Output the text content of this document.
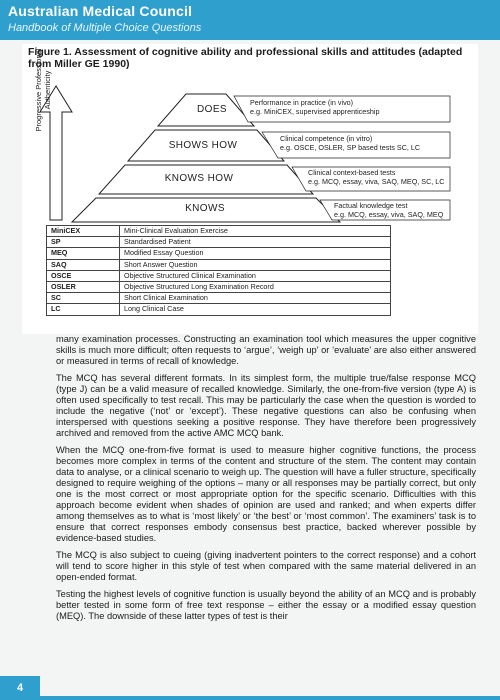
Australian Medical Council
Handbook of Multiple Choice Questions
Figure 1. Assessment of cognitive ability and professional skills and attitudes (adapted from Miller GE 1990)
Progressive Professional Authenticity
DOES
SHOWS HOW
KNOWS HOW
KNOWS
Performance in practice (in vivo)
e.g. MiniCEX, supervised apprenticeship
Clinical competence (in vitro)
e.g. OSCE, OSLER, SP based tests SC, LC
Clinical context-based tests
e.g. MCQ, essay, viva, SAQ, MEQ, SC, LC
Factual knowledge test
e.g. MCQ, essay, viva, SAQ, MEQ
MiniCEX	Mini-Clinical Evaluation Exercise
SP	Standardised Patient
MEQ	Modified Essay Question
SAQ	Short Answer Question
OSCE	Objective Structured Clinical Examination
OSLER	Objective Structured Long Examination Record
SC	Short Clinical Examination
LC	Long Clinical Case

many examination processes. Constructing an examination tool which measures the upper cognitive skills is much more difficult; often requests to ‘argue’, ‘weigh up’ or ‘evaluate’ are also either answered or measured in terms of recall of knowledge.

The MCQ has several different formats. In its simplest form, the multiple true/false response MCQ (type J) can be a valid measure of recalled knowledge. Similarly, the one-from-five version (type A) is often used specifically to test recall. This may be particularly the case when the question is worded to include the negative (‘not’ or ‘except’). These negative questions can also be confusing when interspersed with questions seeking a positive response. They have therefore been progressively archived and removed from the active AMC MCQ bank.

When the MCQ one-from-five format is used to measure higher cognitive functions, the process becomes more complex in terms of the content and structure of the stem. The content may contain data to analyse, or a clinical scenario to weigh up. The question will have a fuller structure, specifically designed to require weighing of the options – many or all responses may be partially correct, but only one is the most correct or most appropriate option for the specific scenario. Difficulties with this approach become evident when shades of opinion are used and ranked; and when experts differ among themselves as to what is ‘most likely’ or ‘the best’ or ‘most common’. The examiners’ task is to ensure that correct responses embody consensus best practice, backed wherever possible by evidence-based studies.

The MCQ is also subject to cueing (giving inadvertent pointers to the correct response) and a cohort will tend to score higher in this style of test when compared with the same material delivered in an open-ended format.

Testing the highest levels of cognitive function is usually beyond the ability of an MCQ and is probably better tested in some form of free text response – either the essay or a modified essay question (MEQ). The downside of these latter types of test is their

4
